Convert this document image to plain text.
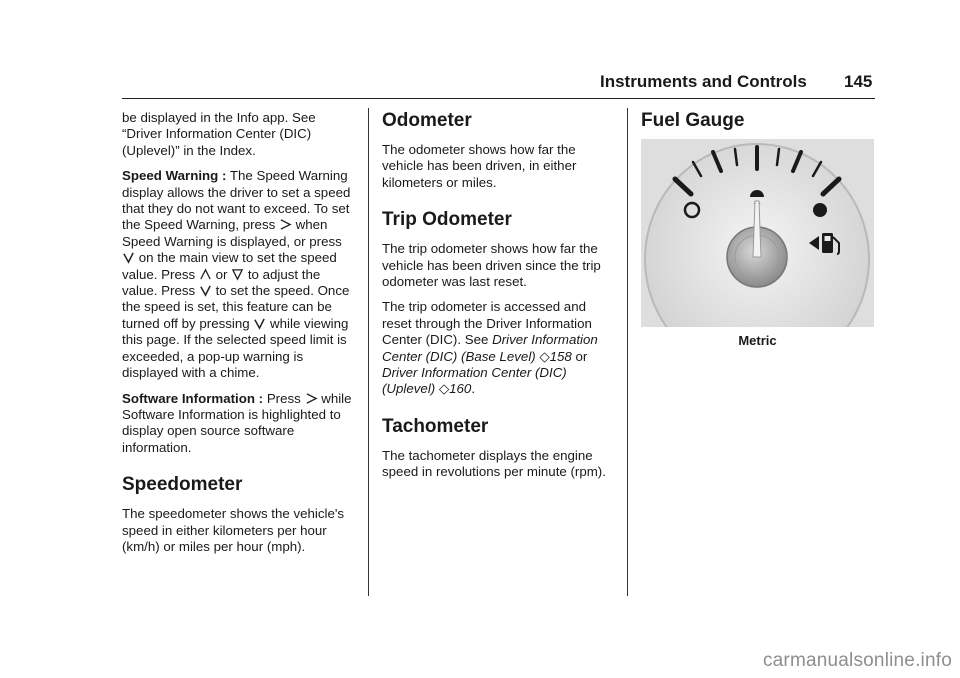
Instruments and Controls 145

be displayed in the Info app. See “Driver Information Center (DIC) (Uplevel)” in the Index.

Speed Warning : The Speed Warning display allows the driver to set a speed that they do not want to exceed. To set the Speed Warning, press when Speed Warning is displayed, or press  on the main view to set the speed value. Press or to adjust the value. Press to set the speed. Once the speed is set, this feature can be turned off by pressing while viewing this page. If the selected speed limit is exceeded, a pop-up warning is displayed with a chime.

Software Information : Press while Software Information is highlighted to display open source software information.

Speedometer

The speedometer shows the vehicle's speed in either kilometers per hour (km/h) or miles per hour (mph).

Odometer

The odometer shows how far the vehicle has been driven, in either kilometers or miles.

Trip Odometer

The trip odometer shows how far the vehicle has been driven since the trip odometer was last reset.

The trip odometer is accessed and reset through the Driver Information Center (DIC). See Driver Information Center (DIC) (Base Level) ◇158 or Driver Information Center (DIC) (Uplevel) ◇160.

Tachometer

The tachometer displays the engine speed in revolutions per minute (rpm).

Fuel Gauge
Metric
carmanualsonline.info
